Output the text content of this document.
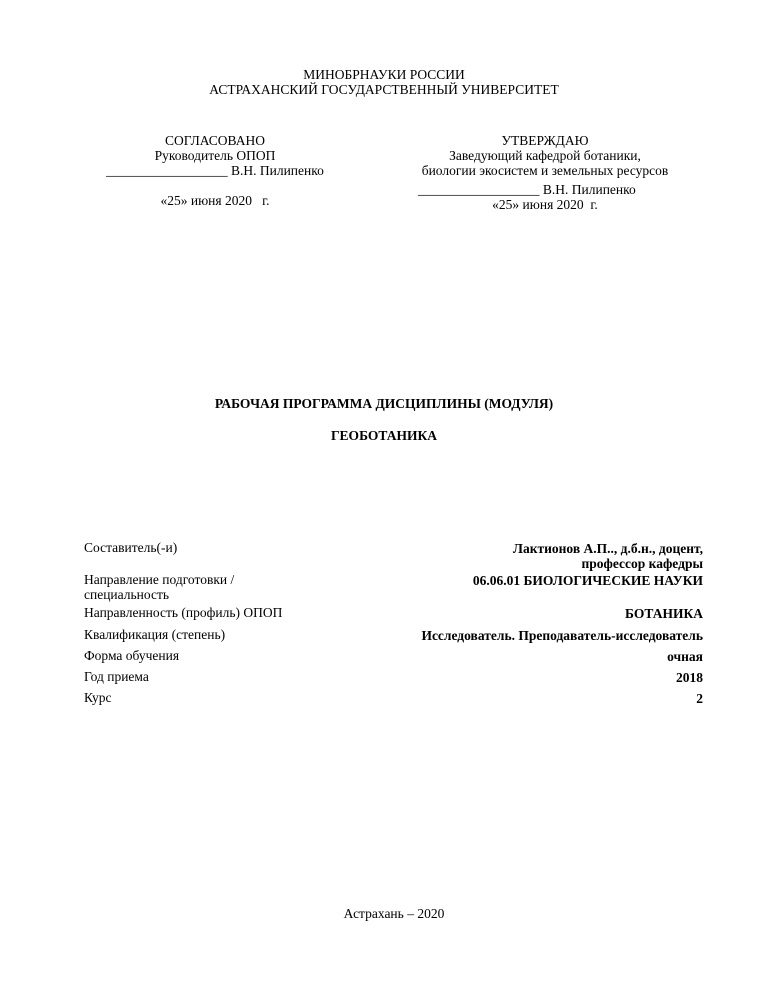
МИНОБРНАУКИ РОССИИ
АСТРАХАНСКИЙ ГОСУДАРСТВЕННЫЙ УНИВЕРСИТЕТ
СОГЛАСОВАНО
Руководитель ОПОП
__________________ В.Н. Пилипенко
«25» июня 2020   г.
УТВЕРЖДАЮ
Заведующий кафедрой ботаники,
биологии экосистем и земельных ресурсов
__________________ В.Н. Пилипенко
«25» июня 2020  г.
РАБОЧАЯ ПРОГРАММА ДИСЦИПЛИНЫ (МОДУЛЯ)
ГЕОБОТАНИКА
Составитель(-и)
Направление подготовки /
специальность
Направленность (профиль) ОПОП
Квалификация (степень)
Форма обучения
Год приема
Курс
Лактионов А.П.., д.б.н., доцент,
профессор кафедры
06.06.01 БИОЛОГИЧЕСКИЕ НАУКИ
БОТАНИКА
Исследователь. Преподаватель-исследователь
очная
2018
2
Астрахань – 2020
